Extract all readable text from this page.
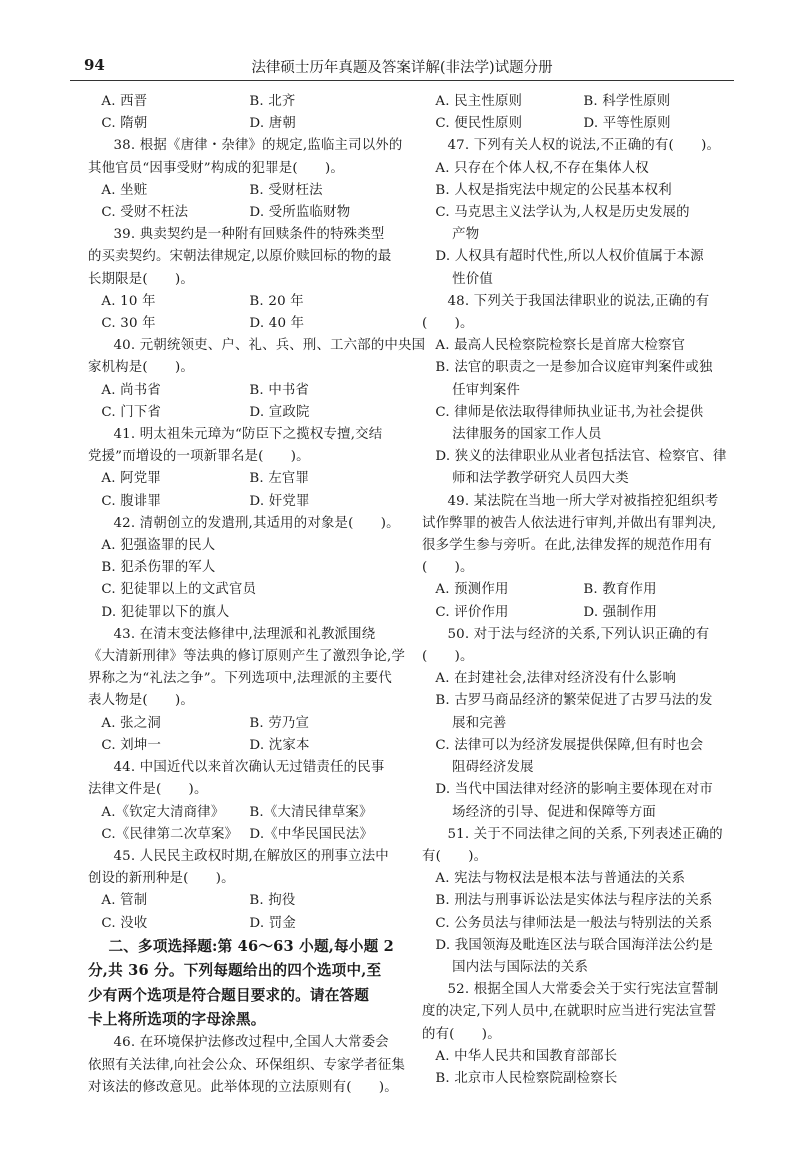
94	法律硕士历年真题及答案详解(非法学)试题分册
A. 西晋	B. 北齐
C. 隋朝	D. 唐朝
38. 根据《唐律・杂律》的规定,监临主司以外的
其他官员“因事受财”构成的犯罪是(　　)。
A. 坐赃	B. 受财枉法
C. 受财不枉法	D. 受所监临财物
39. 典卖契约是一种附有回赎条件的特殊类型
的买卖契约。宋朝法律规定,以原价赎回标的物的最
长期限是(　　)。
A. 10 年	B. 20 年
C. 30 年	D. 40 年
40. 元朝统领吏、户、礼、兵、刑、工六部的中央国
家机构是(　　)。
A. 尚书省	B. 中书省
C. 门下省	D. 宣政院
41. 明太祖朱元璋为“防臣下之揽权专擅,交结
党援”而增设的一项新罪名是(　　)。
A. 阿党罪	B. 左官罪
C. 腹诽罪	D. 奸党罪
42. 清朝创立的发遣刑,其适用的对象是(　　)。
A. 犯强盗罪的民人
B. 犯杀伤罪的军人
C. 犯徒罪以上的文武官员
D. 犯徒罪以下的旗人
43. 在清末变法修律中,法理派和礼教派围绕
《大清新刑律》等法典的修订原则产生了激烈争论,学
界称之为“礼法之争”。下列选项中,法理派的主要代
表人物是(　　)。
A. 张之洞	B. 劳乃宣
C. 刘坤一	D. 沈家本
44. 中国近代以来首次确认无过错责任的民事
法律文件是(　　)。
A.《钦定大清商律》	B.《大清民律草案》
C.《民律第二次草案》 D.《中华民国民法》
45. 人民民主政权时期,在解放区的刑事立法中
创设的新刑种是(　　)。
A. 管制	B. 拘役
C. 没收	D. 罚金
二、多项选择题:第 46～63 小题,每小题 2
分,共 36 分。下列每题给出的四个选项中,至
少有两个选项是符合题目要求的。请在答题
卡上将所选项的字母涂黑。
46. 在环境保护法修改过程中,全国人大常委会
依照有关法律,向社会公众、环保组织、专家学者征集
对该法的修改意见。此举体现的立法原则有(　　)。
A. 民主性原则	B. 科学性原则
C. 便民性原则	D. 平等性原则
47. 下列有关人权的说法,不正确的有(　　)。
A. 只存在个体人权,不存在集体人权
B. 人权是指宪法中规定的公民基本权利
C. 马克思主义法学认为,人权是历史发展的
产物
D. 人权具有超时代性,所以人权价值属于本源
性价值
48. 下列关于我国法律职业的说法,正确的有
(　　)。
A. 最高人民检察院检察长是首席大检察官
B. 法官的职责之一是参加合议庭审判案件或独
任审判案件
C. 律师是依法取得律师执业证书,为社会提供
法律服务的国家工作人员
D. 狭义的法律职业从业者包括法官、检察官、律
师和法学教学研究人员四大类
49. 某法院在当地一所大学对被指控犯组织考
试作弊罪的被告人依法进行审判,并做出有罪判决,
很多学生参与旁听。在此,法律发挥的规范作用有
(　　)。
A. 预测作用	B. 教育作用
C. 评价作用	D. 强制作用
50. 对于法与经济的关系,下列认识正确的有
(　　)。
A. 在封建社会,法律对经济没有什么影响
B. 古罗马商品经济的繁荣促进了古罗马法的发
展和完善
C. 法律可以为经济发展提供保障,但有时也会
阻碍经济发展
D. 当代中国法律对经济的影响主要体现在对市
场经济的引导、促进和保障等方面
51. 关于不同法律之间的关系,下列表述正确的
有(　　)。
A. 宪法与物权法是根本法与普通法的关系
B. 刑法与刑事诉讼法是实体法与程序法的关系
C. 公务员法与律师法是一般法与特别法的关系
D. 我国领海及毗连区法与联合国海洋法公约是
国内法与国际法的关系
52. 根据全国人大常委会关于实行宪法宣誓制
度的决定,下列人员中,在就职时应当进行宪法宣誓
的有(　　)。
A. 中华人民共和国教育部部长
B. 北京市人民检察院副检察长
